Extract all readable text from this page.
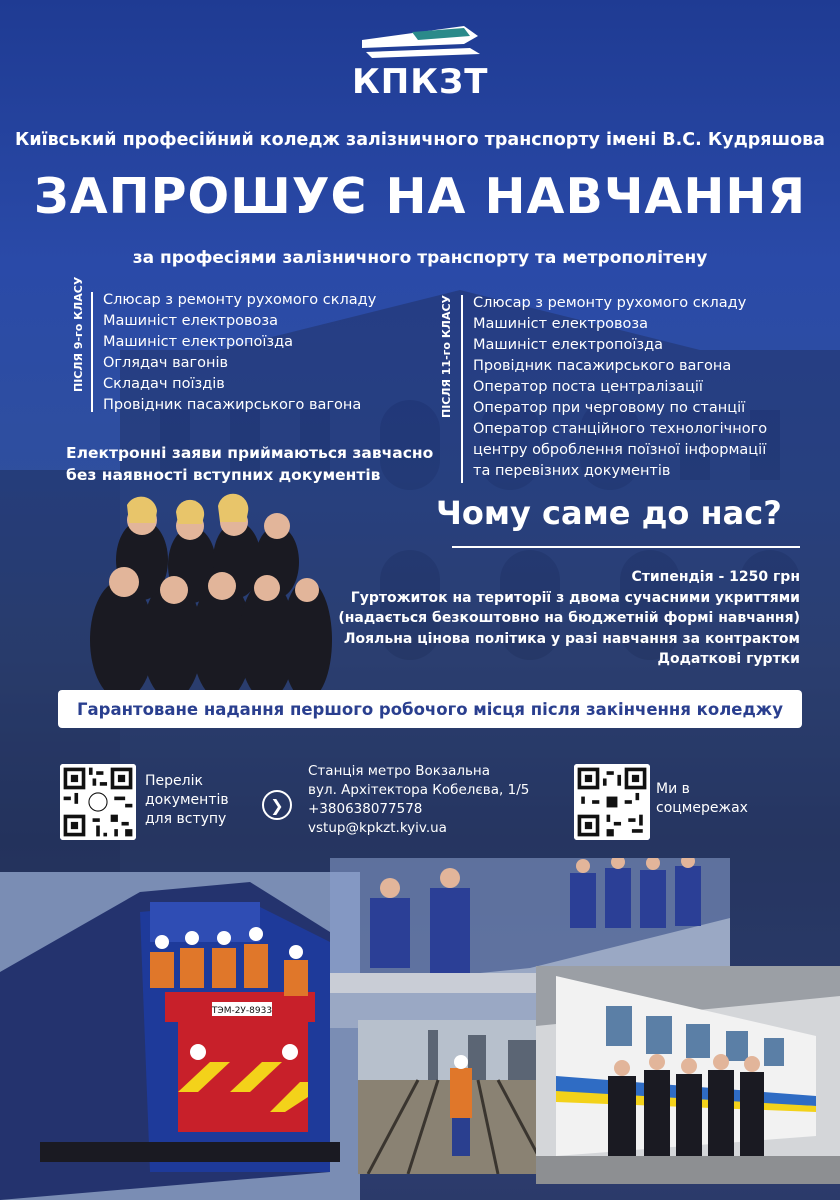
КПКЗТ
Київський професійний коледж залізничного транспорту імені В.С. Кудряшова
ЗАПРОШУЄ НА НАВЧАННЯ
за професіями залізничного транспорту та метрополітену
ПІСЛЯ 9-го КЛАСУ Слюсар з ремонту рухомого складу
Машиніст електровоза
Машиніст електропоїзда
Оглядач вагонів
Складач поїздів
Провідник пасажирського вагона	ПІСЛЯ 11-го КЛАСУ Слюсар з ремонту рухомого складу
Машиніст електровоза
Машиніст електропоїзда
Провідник пасажирського вагона
Оператор поста централізації
Оператор при черговому по станції
Оператор станційного технологічного
центру оброблення поїзної інформації
та перевізних документів
Електронні заяви приймаються завчасно
без наявності вступних документів
Чому саме до нас?
Стипендія - 1250 грн
Гуртожиток на території з двома сучасними укриттями
(надається безкоштовно на бюджетній формі навчання)
Лояльна цінова політика у разі навчання за контрактом
Додаткові гуртки
Гарантоване надання першого робочого місця після закінчення коледжу
Перелік
документів
для вступу
❯
Станція метро Вокзальна
вул. Архітектора Кобелєва, 1/5
+380638077578
vstup@kpkzt.kyiv.ua
Ми в
соцмережах
ТЭМ-2У-8933
